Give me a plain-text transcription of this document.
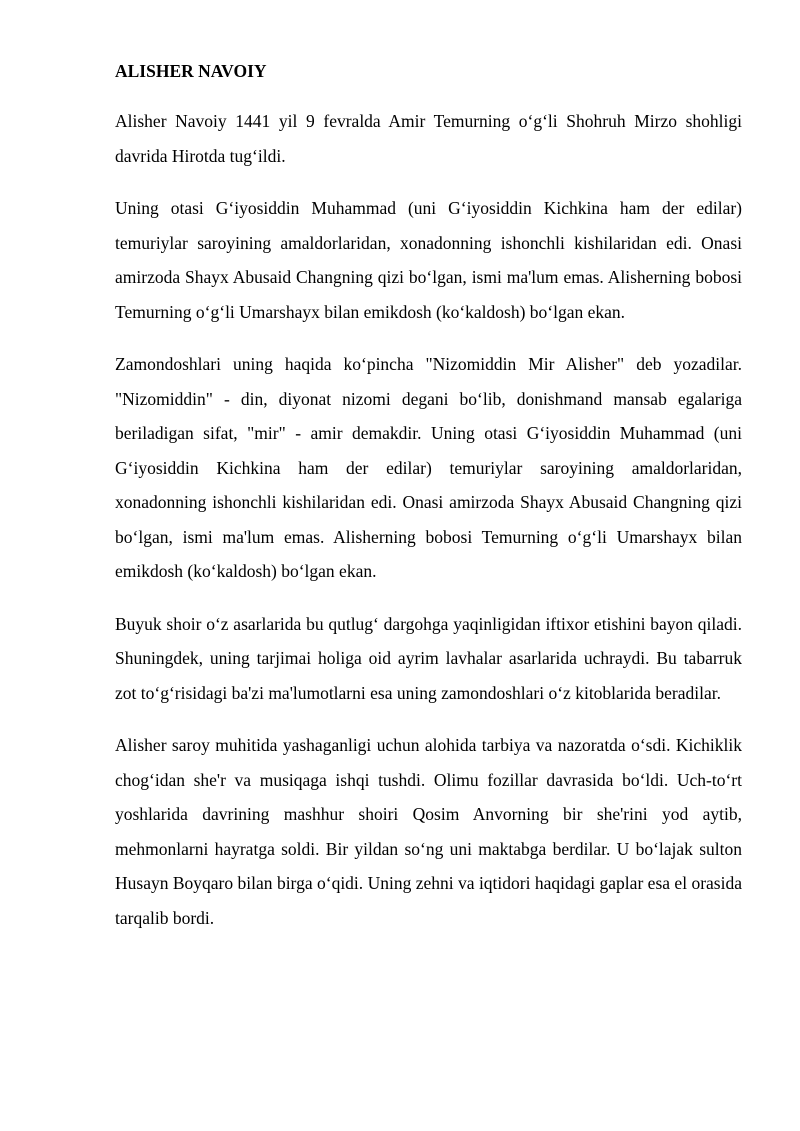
ALISHER NAVOIY

Alisher Navoiy 1441 yil 9 fevralda Amir Temurning o‘g‘li Shohruh Mirzo shohligi davrida Hirotda tug‘ildi.

Uning otasi G‘iyosiddin Muhammad (uni G‘iyosiddin Kichkina ham der edilar) temuriylar saroyining amaldorlaridan, xonadonning ishonchli kishilaridan edi. Onasi amirzoda Shayx Abusaid Changning qizi bo‘lgan, ismi ma'lum emas. Alisherning bobosi Temurning o‘g‘li Umarshayx bilan emikdosh (ko‘kaldosh) bo‘lgan ekan.

Zamondoshlari uning haqida ko‘pincha "Nizomiddin Mir Alisher" deb yozadilar. "Nizomiddin" - din, diyonat nizomi degani bo‘lib, donishmand mansab egalariga beriladigan sifat, "mir" - amir demakdir. Uning otasi G‘iyosiddin Muhammad (uni G‘iyosiddin Kichkina ham der edilar) temuriylar saroyining amaldorlaridan, xonadonning ishonchli kishilaridan edi. Onasi amirzoda Shayx Abusaid Changning qizi bo‘lgan, ismi ma'lum emas. Alisherning bobosi Temurning o‘g‘li Umarshayx bilan emikdosh (ko‘kaldosh) bo‘lgan ekan.

Buyuk shoir o‘z asarlarida bu qutlug‘ dargohga yaqinligidan iftixor etishini bayon qiladi. Shuningdek, uning tarjimai holiga oid ayrim lavhalar asarlarida uchraydi. Bu tabarruk zot to‘g‘risidagi ba'zi ma'lumotlarni esa uning zamondoshlari o‘z kitoblarida beradilar.

Alisher saroy muhitida yashaganligi uchun alohida tarbiya va nazoratda o‘sdi. Kichiklik chog‘idan she'r va musiqaga ishqi tushdi. Olimu fozillar davrasida bo‘ldi. Uch-to‘rt yoshlarida davrining mashhur shoiri Qosim Anvorning bir she'rini yod aytib, mehmonlarni hayratga soldi. Bir yildan so‘ng uni maktabga berdilar. U bo‘lajak sulton Husayn Boyqaro bilan birga o‘qidi. Uning zehni va iqtidori haqidagi gaplar esa el orasida tarqalib bordi.
